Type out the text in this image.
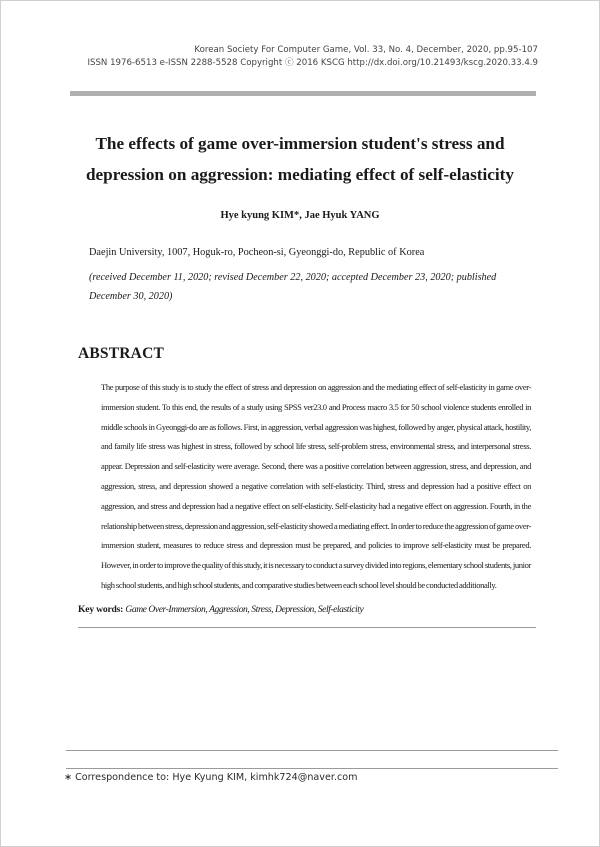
Korean Society For Computer Game, Vol. 33, No. 4, December, 2020, pp.95-107
ISSN 1976-6513 e-ISSN 2288-5528 Copyright ⓒ 2016 KSCG http://dx.doi.org/10.21493/kscg.2020.33.4.9
The effects of game over-immersion student's stress and
depression on aggression: mediating effect of self-elasticity
Hye kyung KIM*, Jae Hyuk YANG
Daejin University, 1007, Hoguk-ro, Pocheon-si, Gyeonggi-do, Republic of Korea
(received December 11, 2020; revised December 22, 2020; accepted December 23, 2020; published December 30, 2020)
ABSTRACT
The purpose of this study is to study the effect of stress and depression on aggression and the mediating effect of self-elasticity in game over-immersion student. To this end, the results of a study using SPSS ver23.0 and Process macro 3.5 for 50 school violence students enrolled in middle schools in Gyeonggi-do are as follows. First, in aggression, verbal aggression was highest, followed by anger, physical attack, hostility, and family life stress was highest in stress, followed by school life stress, self-problem stress, environmental stress, and interpersonal stress. appear. Depression and self-elasticity were average. Second, there was a positive correlation between aggression, stress, and depression, and aggression, stress, and depression showed a negative correlation with self-elasticity. Third, stress and depression had a positive effect on aggression, and stress and depression had a negative effect on self-elasticity. Self-elasticity had a negative effect on aggression. Fourth, in the relationship between stress, depression and aggression, self-elasticity showed a mediating effect. In order to reduce the aggression of game over-immersion student, measures to reduce stress and depression must be prepared, and policies to improve self-elasticity must be prepared. However, in order to improve the quality of this study, it is necessary to conduct a survey divided into regions, elementary school students, junior high school students, and high school students, and comparative studies between each school level should be conducted additionally.
Key words: Game Over-Immersion, Aggression, Stress, Depression, Self-elasticity
∗ Correspondence to: Hye Kyung KIM, kimhk724@naver.com
